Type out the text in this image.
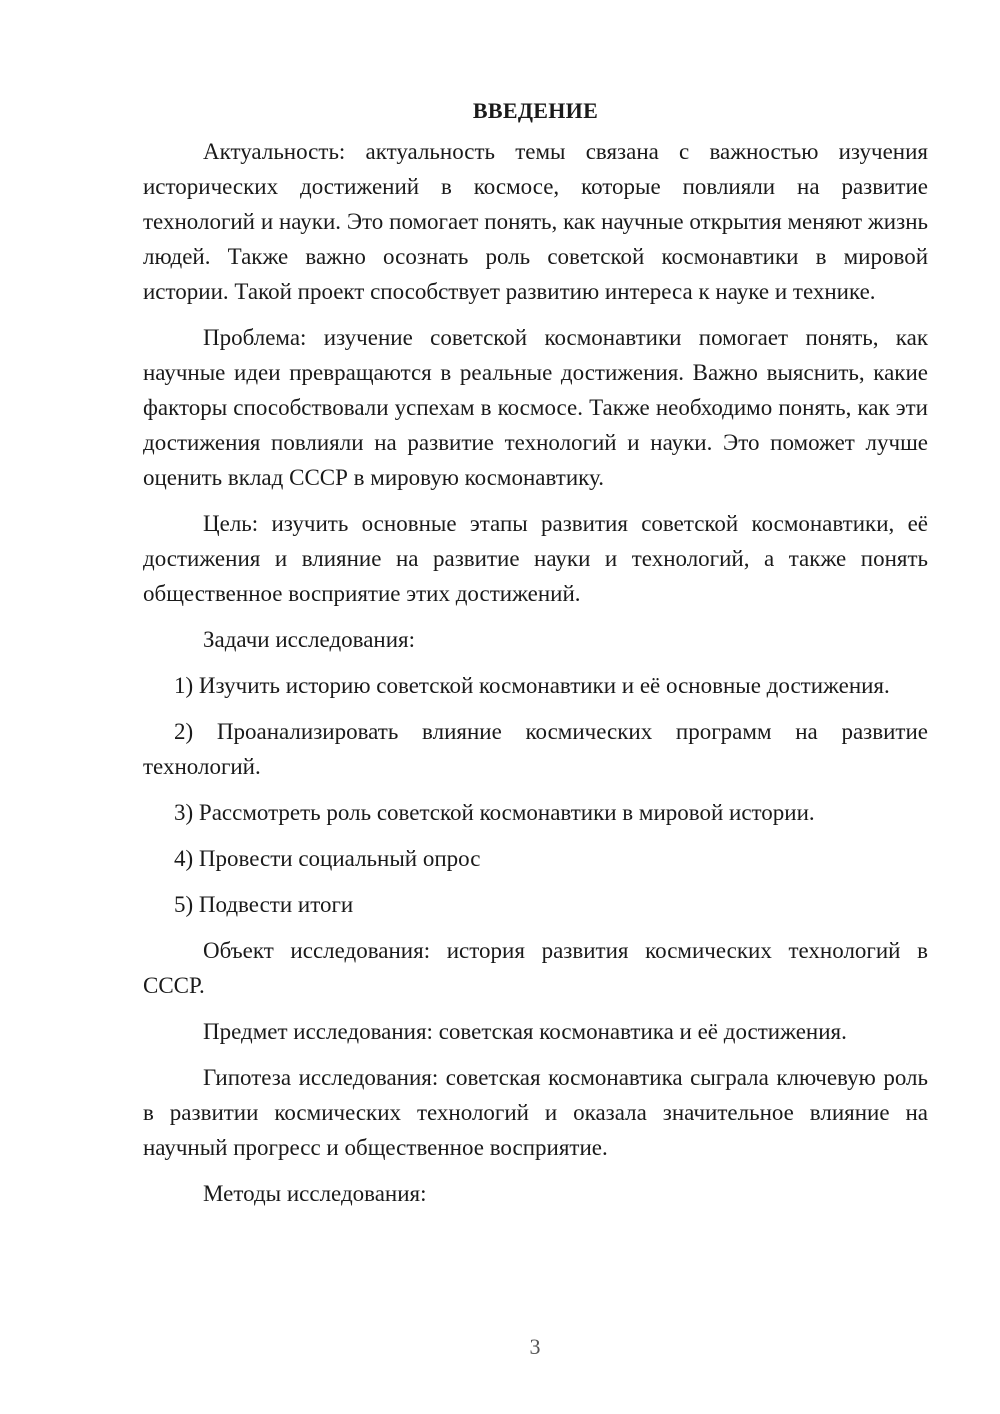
ВВЕДЕНИЕ

Актуальность: актуальность темы связана с важностью изучения исторических достижений в космосе, которые повлияли на развитие технологий и науки. Это помогает понять, как научные открытия меняют жизнь людей. Также важно осознать роль советской космонавтики в мировой истории. Такой проект способствует развитию интереса к науке и технике.

Проблема: изучение советской космонавтики помогает понять, как научные идеи превращаются в реальные достижения. Важно выяснить, какие факторы способствовали успехам в космосе. Также необходимо понять, как эти достижения повлияли на развитие технологий и науки. Это поможет лучше оценить вклад СССР в мировую космонавтику.

Цель: изучить основные этапы развития советской космонавтики, её достижения и влияние на развитие науки и технологий, а также понять общественное восприятие этих достижений.

Задачи исследования:

1) Изучить историю советской космонавтики и её основные достижения.

2) Проанализировать влияние космических программ на развитие технологий.

3) Рассмотреть роль советской космонавтики в мировой истории.

4) Провести социальный опрос

5) Подвести итоги

Объект исследования: история развития космических технологий в СССР.

Предмет исследования: советская космонавтика и её достижения.

Гипотеза исследования: советская космонавтика сыграла ключевую роль в развитии космических технологий и оказала значительное влияние на научный прогресс и общественное восприятие.

Методы исследования:

3
